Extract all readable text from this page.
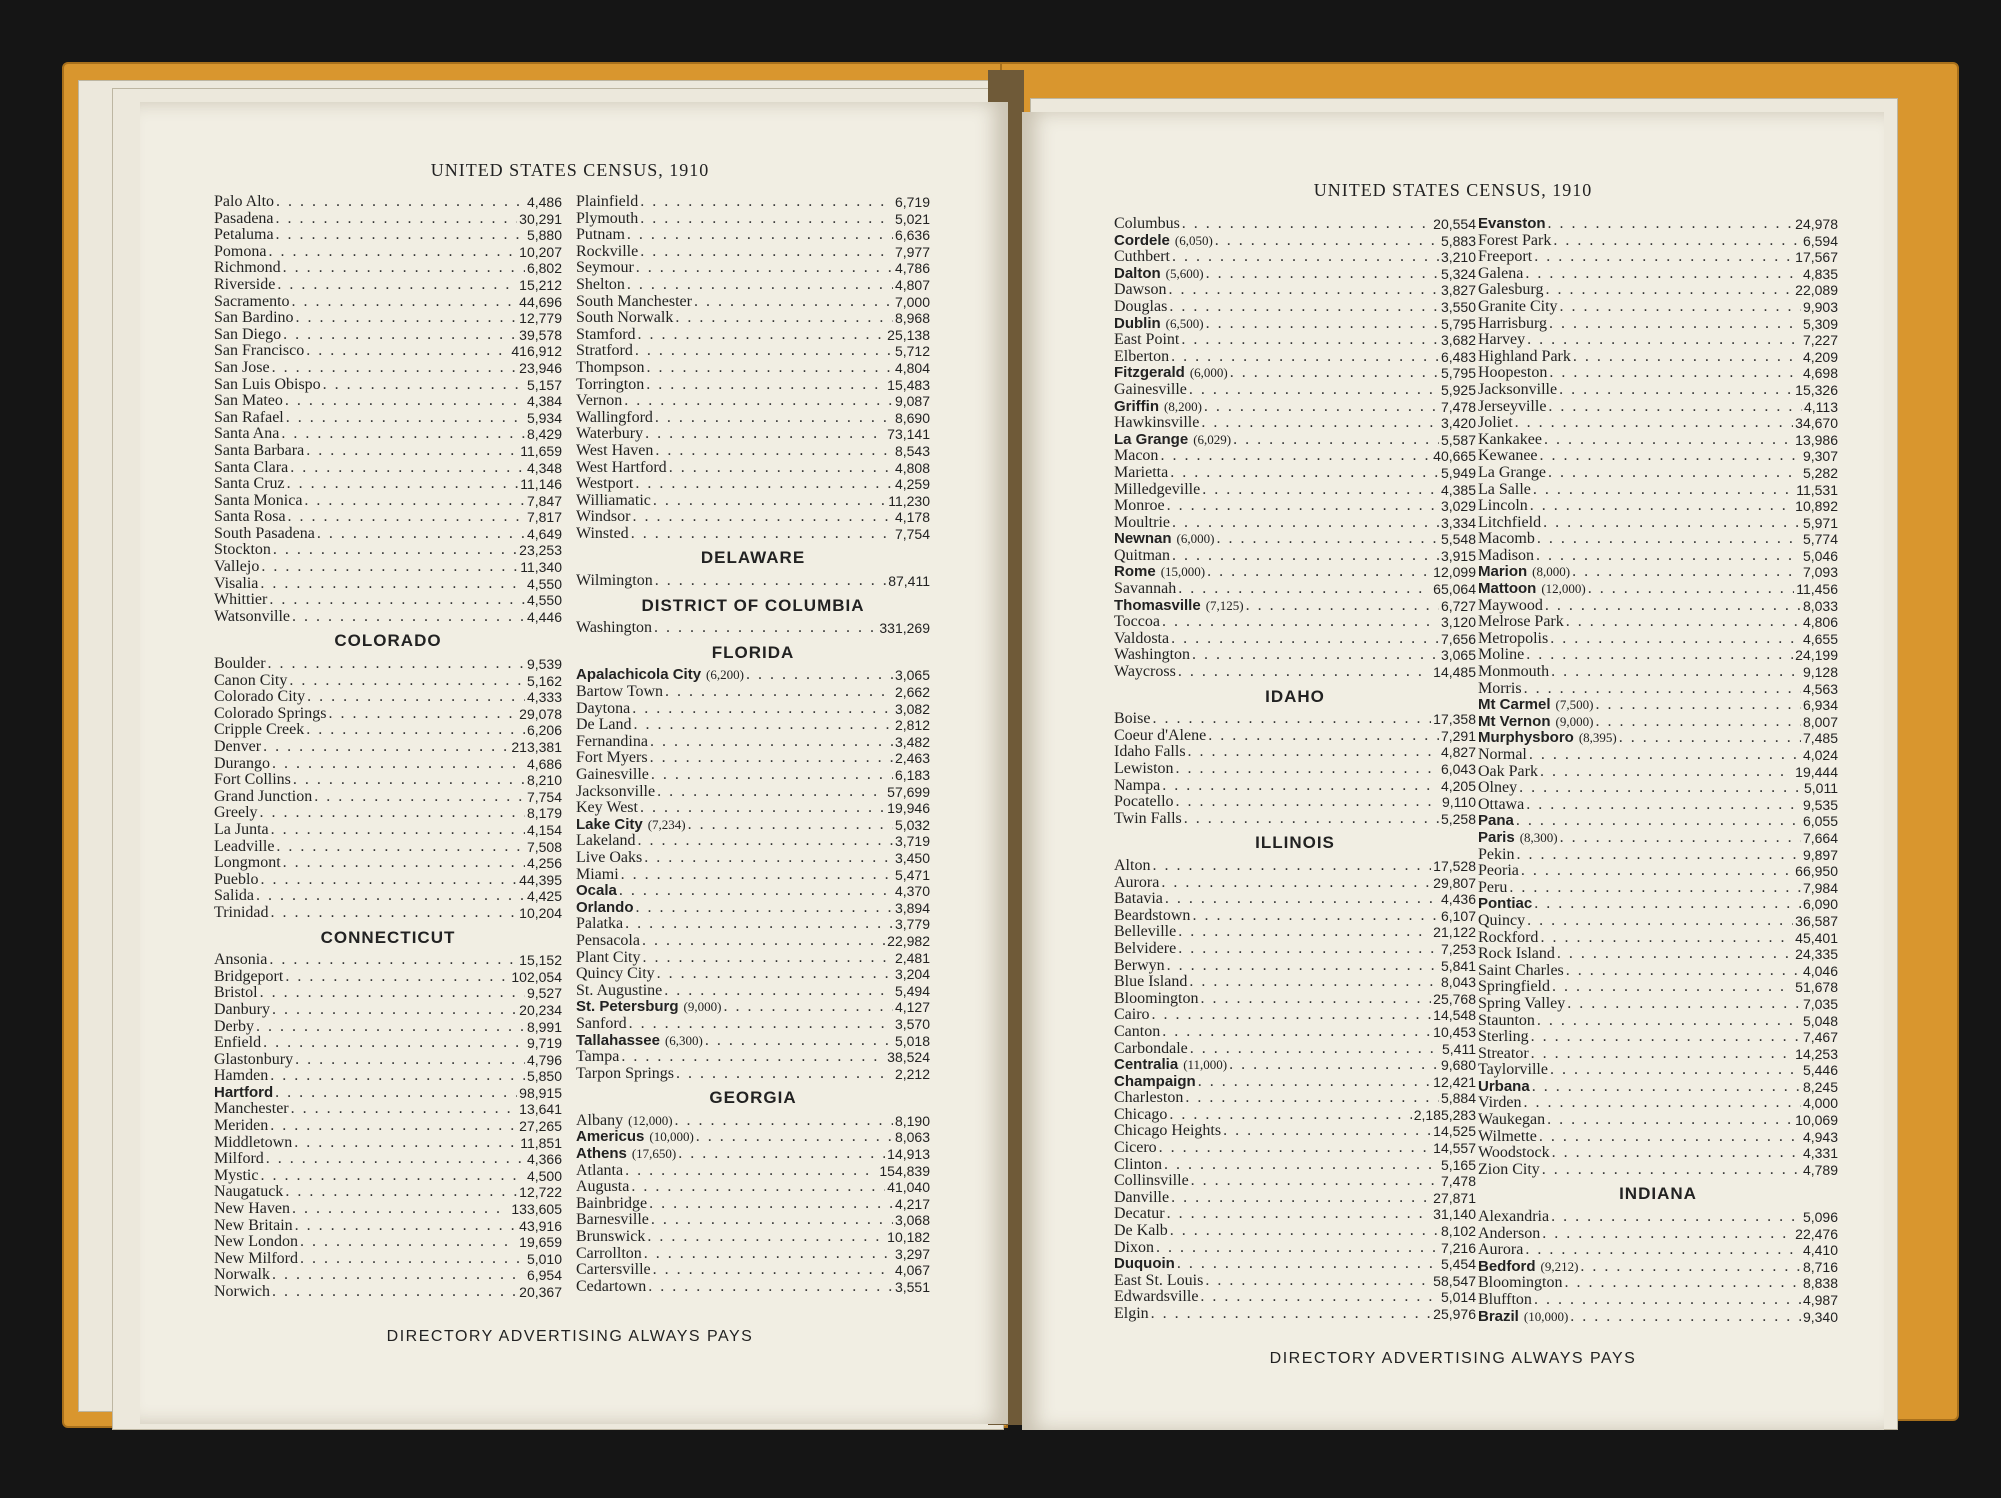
UNITED STATES CENSUS, 1910
Palo Alto . . .	4,486
Pasadena . . .	30,291
Petaluma . . .	5,880
Pomona . . .	10,207
Richmond . . .	6,802
Riverside . . .	15,212
Sacramento . . .	44,696
San Bardino . . .	12,779
San Diego . . .	39,578
San Francisco . . .	416,912
San Jose . . .	23,946
San Luis Obispo . . .	5,157
San Mateo . . .	4,384
San Rafael . . .	5,934
Santa Ana . . .	8,429
Santa Barbara . . .	11,659
Santa Clara . . .	4,348
Santa Cruz . . .	11,146
Santa Monica . . .	7,847
Santa Rosa . . .	7,817
South Pasadena . . .	4,649
Stockton . . .	23,253
Vallejo . . .	11,340
Visalia . . .	4,550
Whittier . . .	4,550
Watsonville . . .	4,446
COLORADO
Boulder . . .	9,539
Canon City . . .	5,162
Colorado City . . .	4,333
Colorado Springs . . .	29,078
Cripple Creek . . .	6,206
Denver . . .	213,381
Durango . . .	4,686
Fort Collins . . .	8,210
Grand Junction . . .	7,754
Greely . . .	8,179
La Junta . . .	4,154
Leadville . . .	7,508
Longmont . . .	4,256
Pueblo . . .	44,395
Salida . . .	4,425
Trinidad . . .	10,204
CONNECTICUT
Ansonia . . .	15,152
Bridgeport . . .	102,054
Bristol . . .	9,527
Danbury . . .	20,234
Derby . . .	8,991
Enfield . . .	9,719
Glastonbury . . .	4,796
Hamden . . .	5,850
Hartford . . .	98,915
Manchester . . .	13,641
Meriden . . .	27,265
Middletown . . .	11,851
Milford . . .	4,366
Mystic . . .	4,500
Naugatuck . . .	12,722
New Haven . . .	133,605
New Britain . . .	43,916
New London . . .	19,659
New Milford . . .	5,010
Norwalk . . .	6,954
Norwich . . .	20,367
Plainfield . . .	6,719
Plymouth . . .	5,021
Putnam . . .	6,636
Rockville . . .	7,977
Seymour . . .	4,786
Shelton . . .	4,807
South Manchester . . .	7,000
South Norwalk . . .	8,968
Stamford . . .	25,138
Stratford . . .	5,712
Thompson . . .	4,804
Torrington . . .	15,483
Vernon . . .	9,087
Wallingford . . .	8,690
Waterbury . . .	73,141
West Haven . . .	8,543
West Hartford . . .	4,808
Westport . . .	4,259
Williamatic . . .	11,230
Windsor . . .	4,178
Winsted . . .	7,754
DELAWARE
Wilmington . . .	87,411
DISTRICT OF COLUMBIA
Washington . . .	331,269
FLORIDA
Apalachicola City (6,200) . . .	3,065
Bartow Town . . .	2,662
Daytona . . .	3,082
De Land . . .	2,812
Fernandina . . .	3,482
Fort Myers . . .	2,463
Gainesville . . .	6,183
Jacksonville . . .	57,699
Key West . . .	19,946
Lake City (7,234) . . .	5,032
Lakeland . . .	3,719
Live Oaks . . .	3,450
Miami . . .	5,471
Ocala . . .	4,370
Orlando . . .	3,894
Palatka . . .	3,779
Pensacola . . .	22,982
Plant City . . .	2,481
Quincy City . . .	3,204
St. Augustine . . .	5,494
St. Petersburg (9,000) . . .	4,127
Sanford . . .	3,570
Tallahassee (6,300) . . .	5,018
Tampa . . .	38,524
Tarpon Springs . . .	2,212
GEORGIA
Albany (12,000) . . .	8,190
Americus (10,000) . . .	8,063
Athens (17,650) . . .	14,913
Atlanta . . .	154,839
Augusta . . .	41,040
Bainbridge . . .	4,217
Barnesville . . .	3,068
Brunswick . . .	10,182
Carrollton . . .	3,297
Cartersville . . .	4,067
Cedartown . . .	3,551
DIRECTORY ADVERTISING ALWAYS PAYS
UNITED STATES CENSUS, 1910
Columbus . . .	20,554
Cordele (6,050) . . .	5,883
Cuthbert . . .	3,210
Dalton (5,600) . . .	5,324
Dawson . . .	3,827
Douglas . . .	3,550
Dublin (6,500) . . .	5,795
East Point . . .	3,682
Elberton . . .	6,483
Fitzgerald (6,000) . . .	5,795
Gainesville . . .	5,925
Griffin (8,200) . . .	7,478
Hawkinsville . . .	3,420
La Grange (6,029) . . .	5,587
Macon . . .	40,665
Marietta . . .	5,949
Milledgeville . . .	4,385
Monroe . . .	3,029
Moultrie . . .	3,334
Newnan (6,000) . . .	5,548
Quitman . . .	3,915
Rome (15,000) . . .	12,099
Savannah . . .	65,064
Thomasville (7,125) . . .	6,727
Toccoa . . .	3,120
Valdosta . . .	7,656
Washington . . .	3,065
Waycross . . .	14,485
IDAHO
Boise . . .	17,358
Coeur d'Alene . . .	7,291
Idaho Falls . . .	4,827
Lewiston . . .	6,043
Nampa . . .	4,205
Pocatello . . .	9,110
Twin Falls . . .	5,258
ILLINOIS
Alton . . .	17,528
Aurora . . .	29,807
Batavia . . .	4,436
Beardstown . . .	6,107
Belleville . . .	21,122
Belvidere . . .	7,253
Berwyn . . .	5,841
Blue Island . . .	8,043
Bloomington . . .	25,768
Cairo . . .	14,548
Canton . . .	10,453
Carbondale . . .	5,411
Centralia (11,000) . . .	9,680
Champaign . . .	12,421
Charleston . . .	5,884
Chicago . . .	2,185,283
Chicago Heights . . .	14,525
Cicero . . .	14,557
Clinton . . .	5,165
Collinsville . . .	7,478
Danville . . .	27,871
Decatur . . .	31,140
De Kalb . . .	8,102
Dixon . . .	7,216
Duquoin . . .	5,454
East St. Louis . . .	58,547
Edwardsville . . .	5,014
Elgin . . .	25,976
Evanston . . .	24,978
Forest Park . . .	6,594
Freeport . . .	17,567
Galena . . .	4,835
Galesburg . . .	22,089
Granite City . . .	9,903
Harrisburg . . .	5,309
Harvey . . .	7,227
Highland Park . . .	4,209
Hoopeston . . .	4,698
Jacksonville . . .	15,326
Jerseyville . . .	4,113
Joliet . . .	34,670
Kankakee . . .	13,986
Kewanee . . .	9,307
La Grange . . .	5,282
La Salle . . .	11,531
Lincoln . . .	10,892
Litchfield . . .	5,971
Macomb . . .	5,774
Madison . . .	5,046
Marion (8,000) . . .	7,093
Mattoon (12,000) . . .	11,456
Maywood . . .	8,033
Melrose Park . . .	4,806
Metropolis . . .	4,655
Moline . . .	24,199
Monmouth . . .	9,128
Morris . . .	4,563
Mt Carmel (7,500) . . .	6,934
Mt Vernon (9,000) . . .	8,007
Murphysboro (8,395) . . .	7,485
Normal . . .	4,024
Oak Park . . .	19,444
Olney . . .	5,011
Ottawa . . .	9,535
Pana . . .	6,055
Paris (8,300) . . .	7,664
Pekin . . .	9,897
Peoria . . .	66,950
Peru . . .	7,984
Pontiac . . .	6,090
Quincy . . .	36,587
Rockford . . .	45,401
Rock Island . . .	24,335
Saint Charles . . .	4,046
Springfield . . .	51,678
Spring Valley . . .	7,035
Staunton . . .	5,048
Sterling . . .	7,467
Streator . . .	14,253
Taylorville . . .	5,446
Urbana . . .	8,245
Virden . . .	4,000
Waukegan . . .	10,069
Wilmette . . .	4,943
Woodstock . . .	4,331
Zion City . . .	4,789
INDIANA
Alexandria . . .	5,096
Anderson . . .	22,476
Aurora . . .	4,410
Bedford (9,212) . . .	8,716
Bloomington . . .	8,838
Bluffton . . .	4,987
Brazil (10,000) . . .	9,340
DIRECTORY ADVERTISING ALWAYS PAYS
